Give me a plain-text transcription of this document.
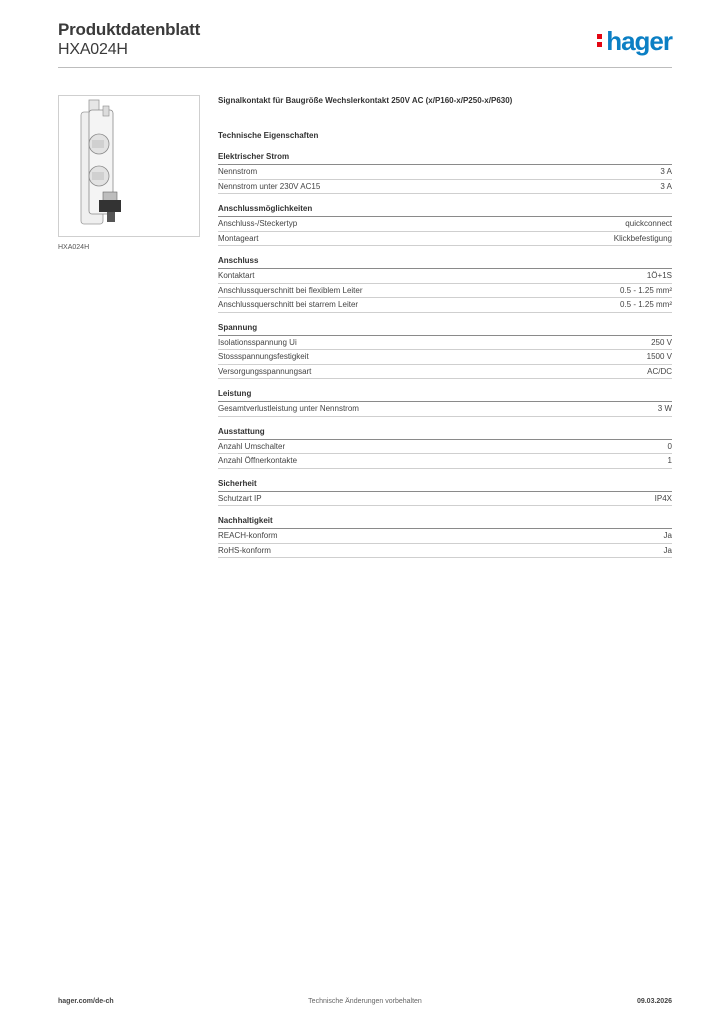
Produktdatenblatt
HXA024H	hager
HXA024H
Signalkontakt für Baugröße Wechslerkontakt 250V AC (x/P160-x/P250-x/P630)
Technische Eigenschaften
Elektrischer Strom
Nennstrom	3 A
Nennstrom unter 230V AC15	3 A
Anschlussmöglichkeiten
Anschluss-/Steckertyp	quickconnect
Montageart	Klickbefestigung
Anschluss
Kontaktart	1Ö+1S
Anschlussquerschnitt bei flexiblem Leiter	0.5 - 1.25 mm²
Anschlussquerschnitt bei starrem Leiter	0.5 - 1.25 mm²
Spannung
Isolationsspannung Ui	250 V
Stossspannungsfestigkeit	1500 V
Versorgungsspannungsart	AC/DC
Leistung
Gesamtverlustleistung unter Nennstrom	3 W
Ausstattung
Anzahl Umschalter	0
Anzahl Öffnerkontakte	1
Sicherheit
Schutzart IP	IP4X
Nachhaltigkeit
REACH-konform	Ja
RoHS-konform	Ja
hager.com/de-ch	Technische Änderungen vorbehalten	09.03.2026
